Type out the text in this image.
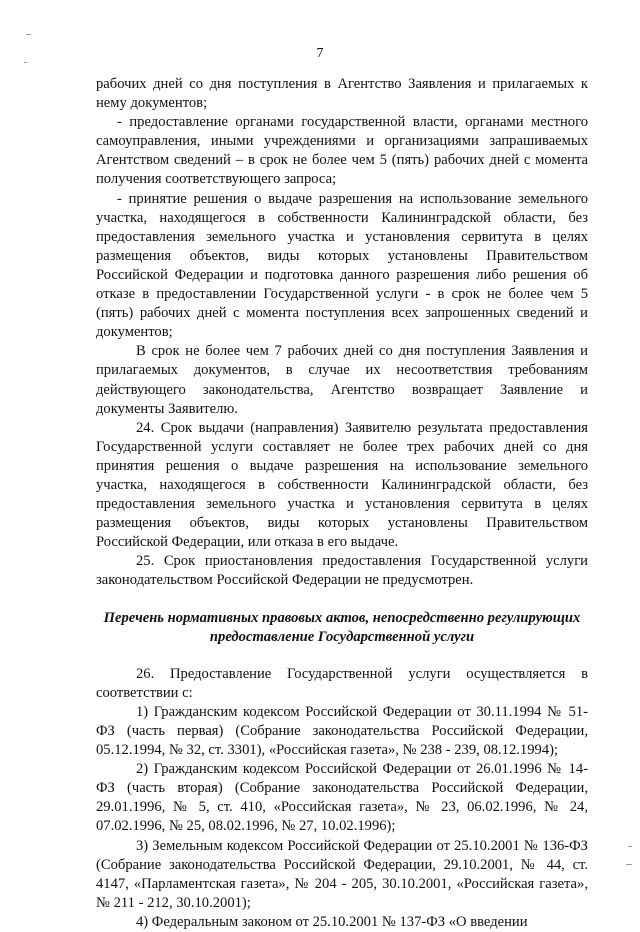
7

рабочих дней со дня поступления в Агентство Заявления и прилагаемых к нему документов;

- предоставление органами государственной власти, органами местного самоуправления, иными учреждениями и организациями запрашиваемых Агентством сведений – в срок не более чем 5 (пять) рабочих дней с момента получения соответствующего запроса;

- принятие решения о выдаче разрешения на использование земельного участка, находящегося в собственности Калининградской области, без предоставления земельного участка и установления сервитута в целях размещения объектов, виды которых установлены Правительством Российской Федерации и подготовка данного разрешения либо решения об отказе в предоставлении Государственной услуги - в срок не более чем 5 (пять) рабочих дней с момента поступления всех запрошенных сведений и документов;

В срок не более чем 7 рабочих дней со дня поступления Заявления и прилагаемых документов, в случае их несоответствия требованиям действующего законодательства, Агентство возвращает Заявление и документы Заявителю.

24. Срок выдачи (направления) Заявителю результата предоставления Государственной услуги составляет не более трех рабочих дней со дня принятия решения о выдаче разрешения на использование земельного участка, находящегося в собственности Калининградской области, без предоставления земельного участка и установления сервитута в целях размещения объектов, виды которых установлены Правительством Российской Федерации, или отказа в его выдаче.

25. Срок приостановления предоставления Государственной услуги законодательством Российской Федерации не предусмотрен.

Перечень нормативных правовых актов, непосредственно регулирующих предоставление Государственной услуги

26. Предоставление Государственной услуги осуществляется в соответствии с:

1) Гражданским кодексом Российской Федерации от 30.11.1994 № 51-ФЗ (часть первая) (Собрание законодательства Российской Федерации, 05.12.1994, № 32, ст. 3301), «Российская газета», № 238 - 239, 08.12.1994);

2) Гражданским кодексом Российской Федерации от 26.01.1996 № 14-ФЗ (часть вторая) (Собрание законодательства Российской Федерации, 29.01.1996, № 5, ст. 410, «Российская газета», № 23, 06.02.1996, № 24, 07.02.1996, № 25, 08.02.1996, № 27, 10.02.1996);

3) Земельным кодексом Российской Федерации от 25.10.2001 № 136-ФЗ (Собрание законодательства Российской Федерации, 29.10.2001, № 44, ст. 4147, «Парламентская газета», № 204 - 205, 30.10.2001, «Российская газета», № 211 - 212, 30.10.2001);

4) Федеральным законом от 25.10.2001 № 137-ФЗ «О введении
